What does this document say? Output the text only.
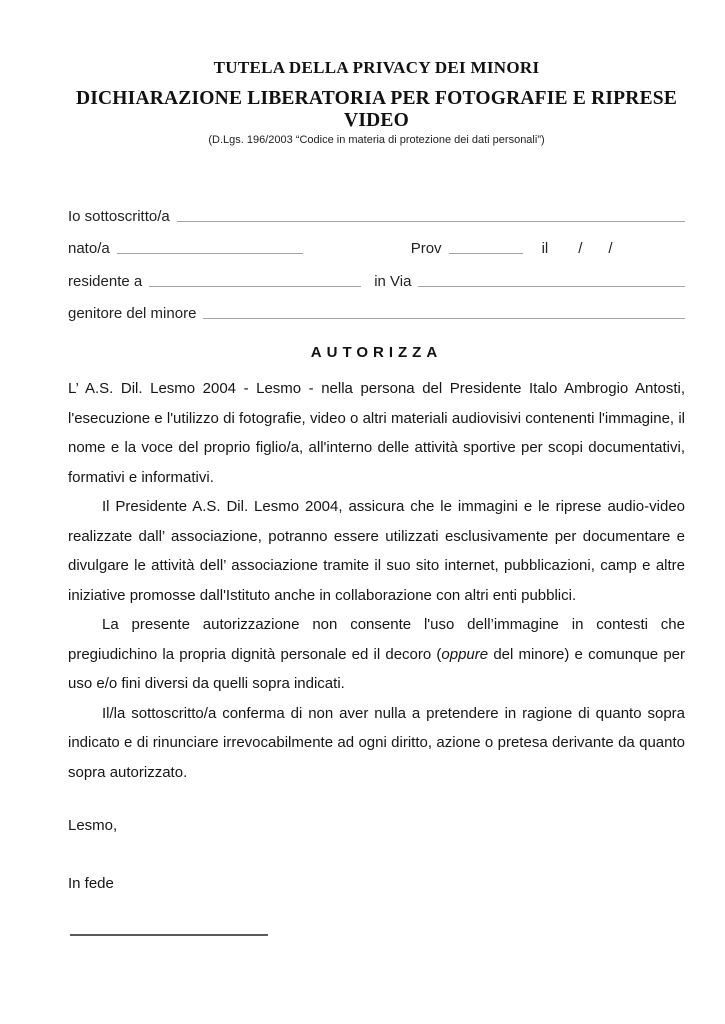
TUTELA DELLA PRIVACY DEI MINORI
DICHIARAZIONE LIBERATORIA PER FOTOGRAFIE E RIPRESE VIDEO

(D.Lgs. 196/2003 “Codice in materia di protezione dei dati personali”)

Io sottoscritto/a
nato/a	Prov	il / /
residente a	in Via
genitore del minore
AUTORIZZA

L’ A.S. Dil. Lesmo 2004 - Lesmo - nella persona del Presidente Italo Ambrogio Antosti, l'esecuzione e l'utilizzo di fotografie, video o altri materiali audiovisivi contenenti l'immagine, il nome e la voce del proprio figlio/a, all'interno delle attività sportive per scopi documentativi, formativi e informativi.

Il Presidente A.S. Dil. Lesmo 2004, assicura che le immagini e le riprese audio-video realizzate dall’ associazione, potranno essere utilizzati esclusivamente per documentare e divulgare le attività dell’ associazione tramite il suo sito internet, pubblicazioni, camp e altre iniziative promosse dall'Istituto anche in collaborazione con altri enti pubblici.

La presente autorizzazione non consente l'uso dell’immagine in contesti che pregiudichino la propria dignità personale ed il decoro (oppure del minore) e comunque per uso e/o fini diversi da quelli sopra indicati.

Il/la sottoscritto/a conferma di non aver nulla a pretendere in ragione di quanto sopra indicato e di rinunciare irrevocabilmente ad ogni diritto, azione o pretesa derivante da quanto sopra autorizzato.

Lesmo,
In fede
